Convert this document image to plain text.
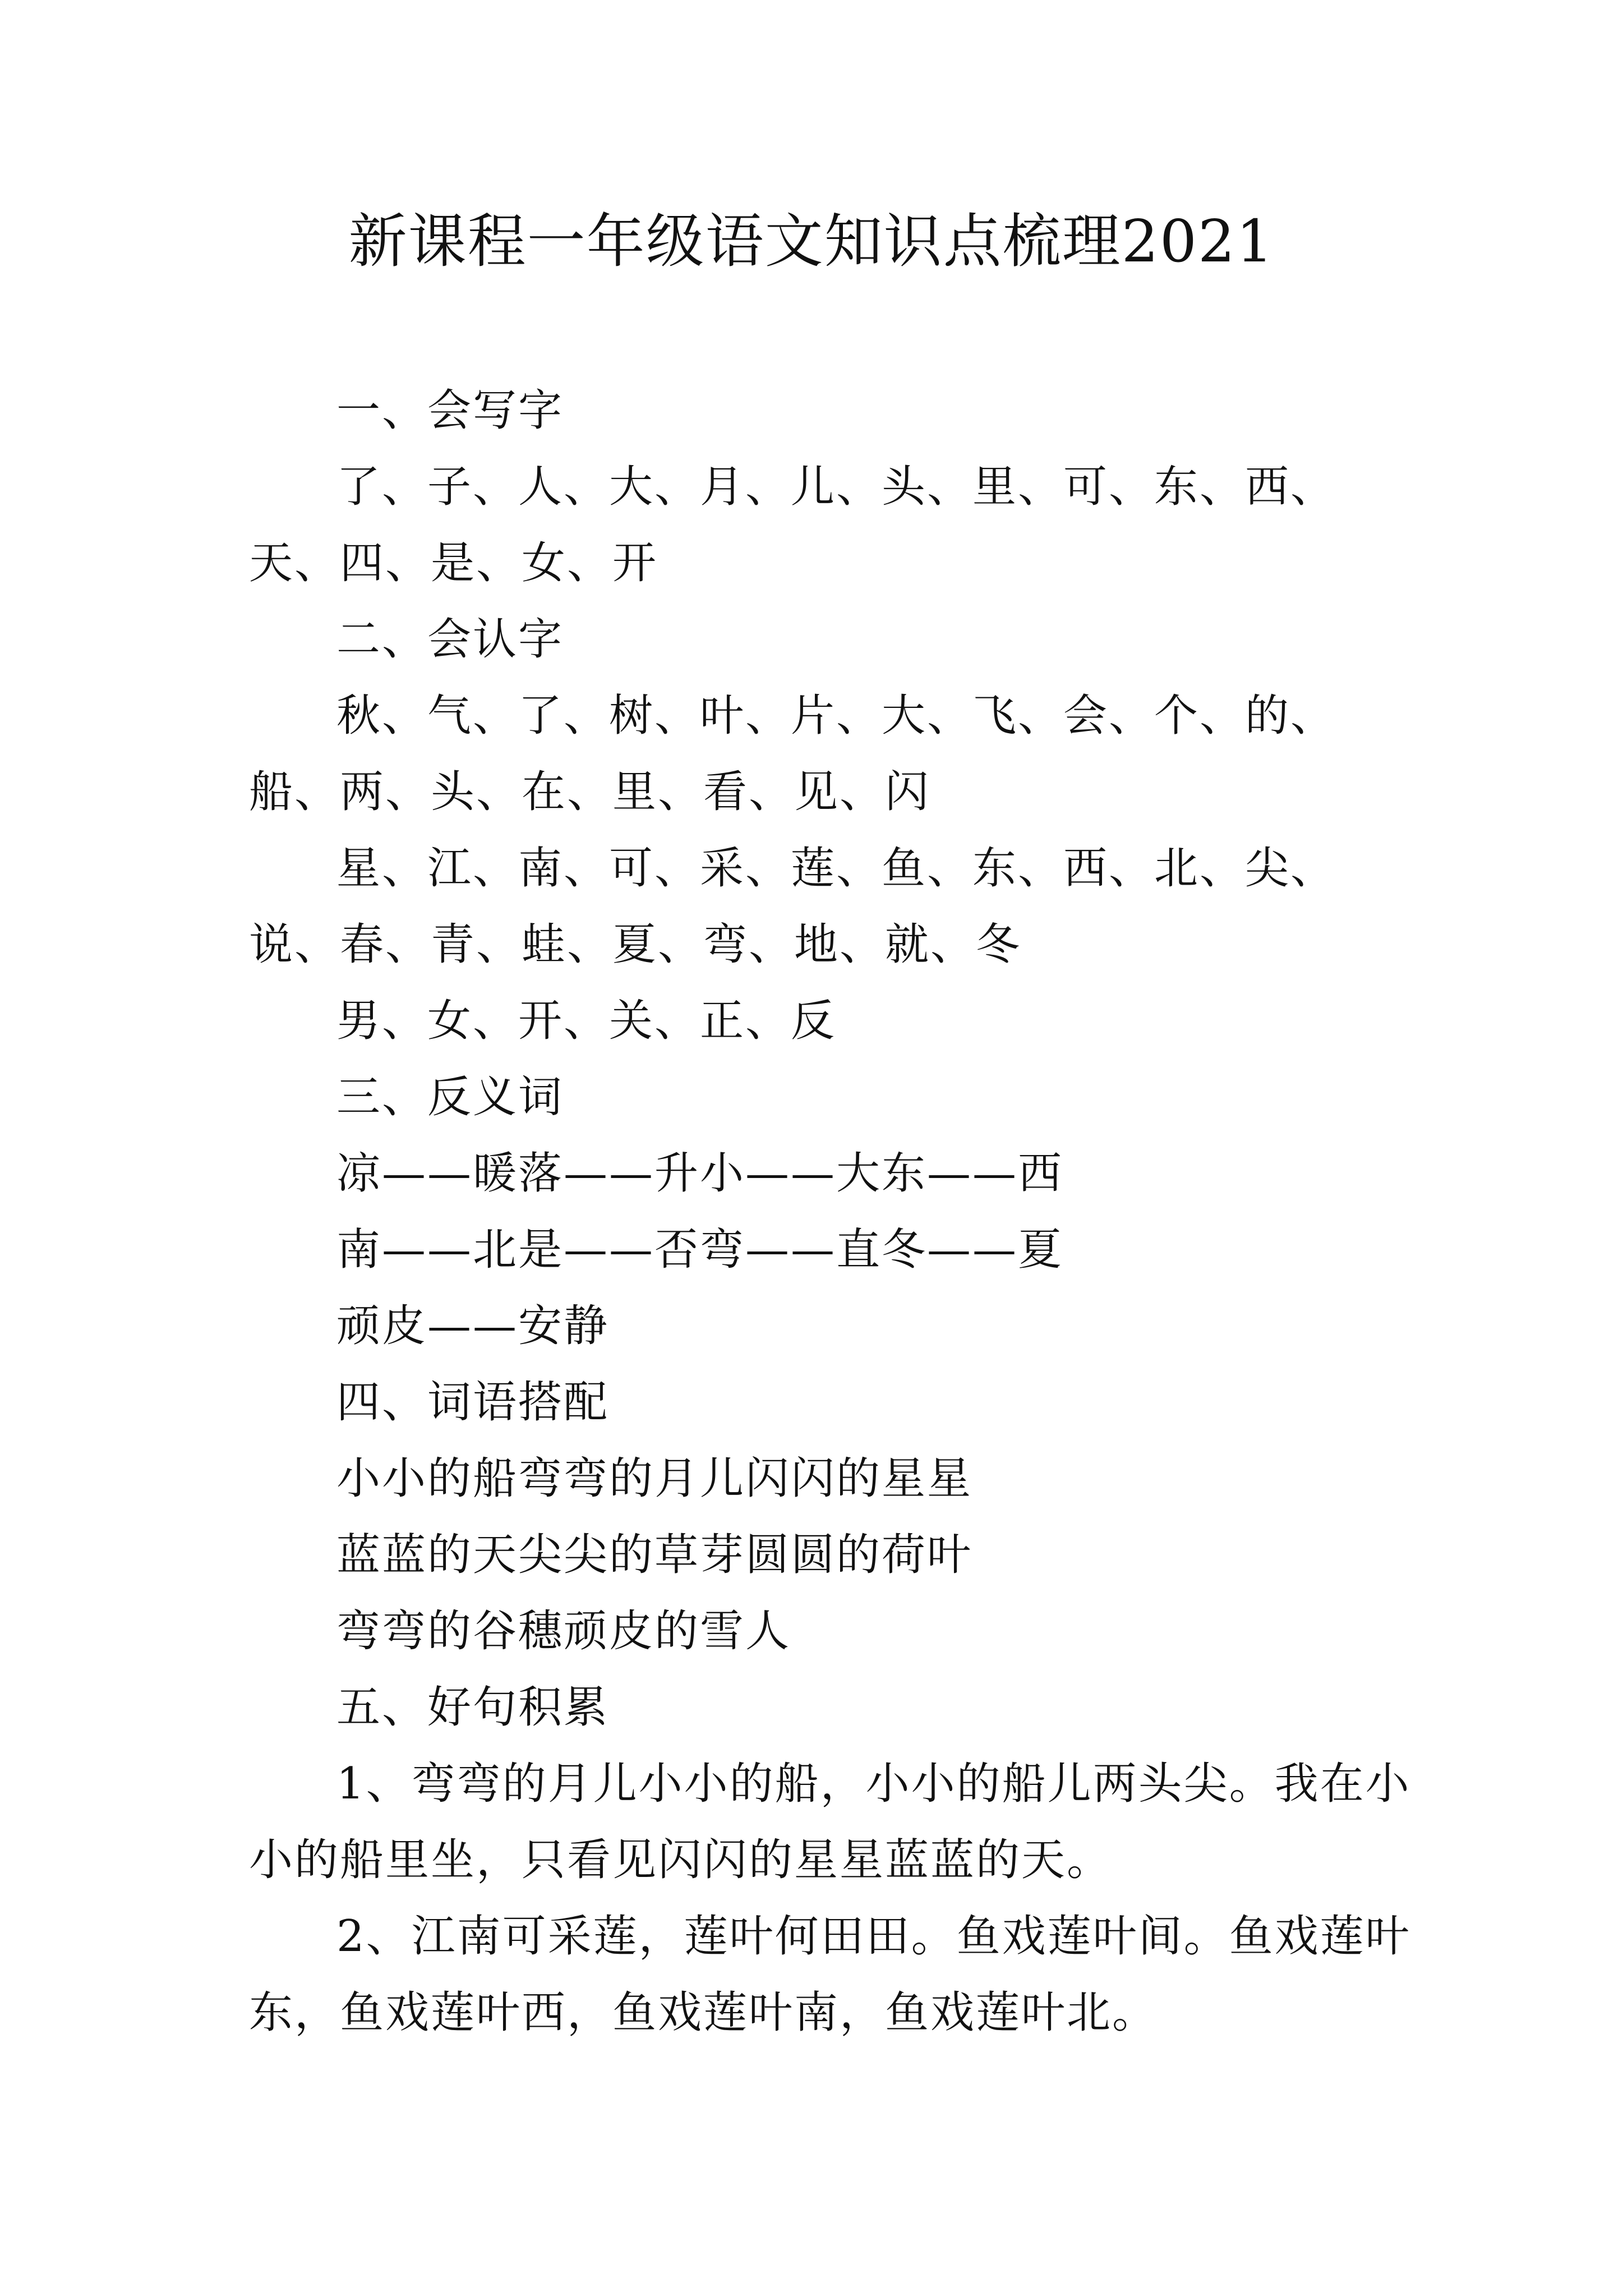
新课程一年级语文知识点梳理2021

一、会写字

了、子、人、大、月、儿、头、里、可、东、西、天、四、是、女、开

二、会认字

秋、气、了、树、叶、片、大、飞、会、个、的、船、两、头、在、里、看、见、闪

星、江、南、可、采、莲、鱼、东、西、北、尖、说、春、青、蛙、夏、弯、地、就、冬

男、女、开、关、正、反

三、反义词

凉——暖落——升小——大东——西

南——北是——否弯——直冬——夏

顽皮——安静

四、词语搭配

小小的船弯弯的月儿闪闪的星星

蓝蓝的天尖尖的草芽圆圆的荷叶

弯弯的谷穗顽皮的雪人

五、好句积累

1、弯弯的月儿小小的船，小小的船儿两头尖。我在小小的船里坐，只看见闪闪的星星蓝蓝的天。

2、江南可采莲，莲叶何田田。鱼戏莲叶间。鱼戏莲叶东，鱼戏莲叶西，鱼戏莲叶南，鱼戏莲叶北。
